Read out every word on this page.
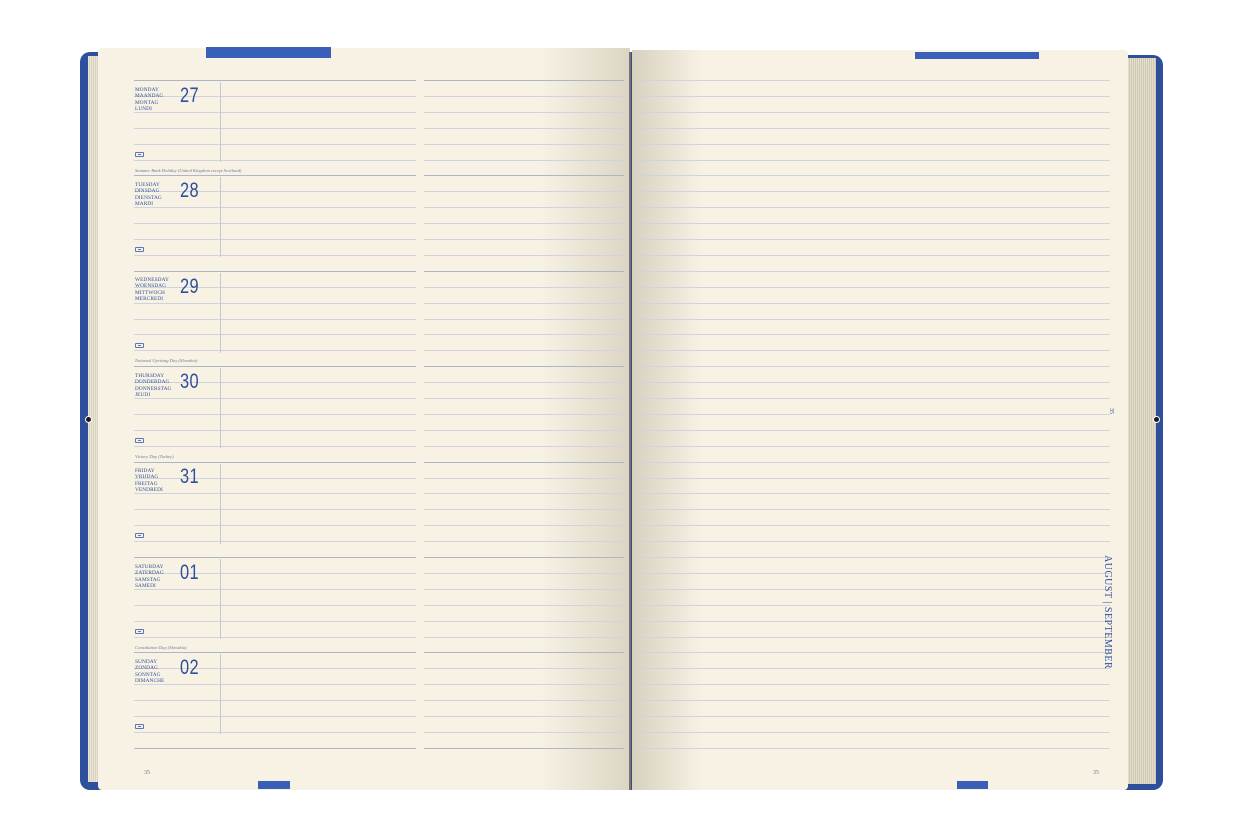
MONDAY
MAANDAG
MONTAG
LUNDI
27
Summer Bank Holiday (United Kingdom except Scotland)
TUESDAY
DINSDAG
DIENSTAG
MARDI
28
WEDNESDAY
WOENSDAG
MITTWOCH
MERCREDI
29
National Uprising Day (Slovakia)
THURSDAY
DONDERDAG
DONNERSTAG
JEUDI
30
Victory Day (Turkey)
FRIDAY
VRIJDAG
FREITAG
VENDREDI
31
SATURDAY
ZATERDAG
SAMSTAG
SAMEDI
01
Constitution Day (Slovakia)
SUNDAY
ZONDAG
SONNTAG
DIMANCHE
02
35
AUGUST | SEPTEMBER
35	35
